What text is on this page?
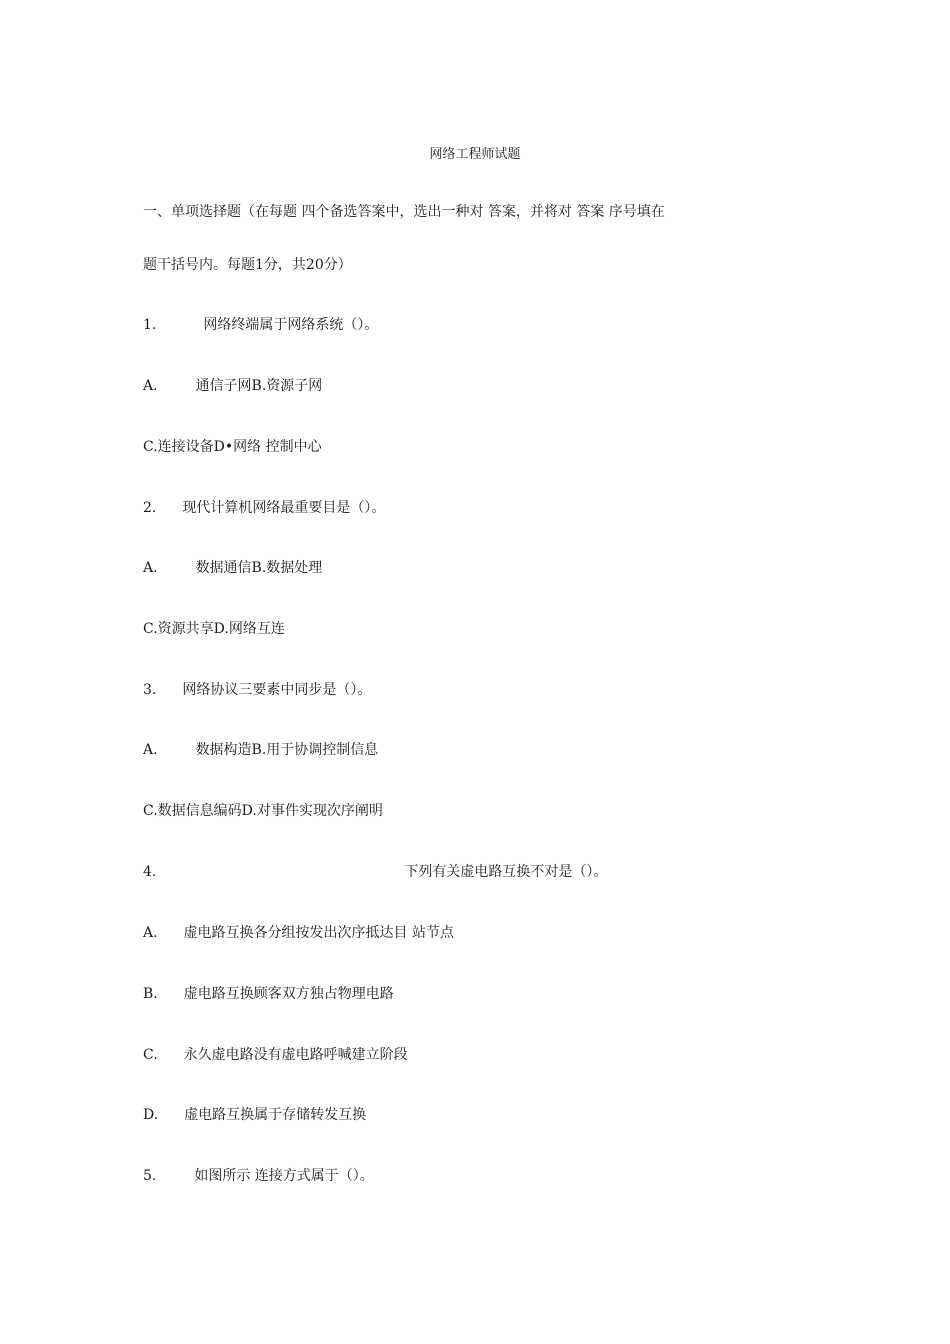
网络工程师试题
一、单项选择题（在每题 四个备选答案中，选出一种对 答案，并将对 答案 序号填在
题干括号内。每题1分，共20分）
1.	网络终端属于网络系统（）。
A.	通信子网B.资源子网
C.连接设备D•网络 控制中心
2. 现代计算机网络最重要目是（）。
A.	数据通信B.数据处理
C.资源共享D.网络互连
3. 网络协议三要素中同步是（）。
A.	数据构造B.用于协调控制信息
C.数据信息编码D.对事件实现次序阐明
4.	下列有关虚电路互换不对是（）。
A. 虚电路互换各分组按发出次序抵达目 站节点
B. 虚电路互换顾客双方独占物理电路
C. 永久虚电路没有虚电路呼喊建立阶段
D. 虚电路互换属于存储转发互换
5.	如图所示 连接方式属于（）。
